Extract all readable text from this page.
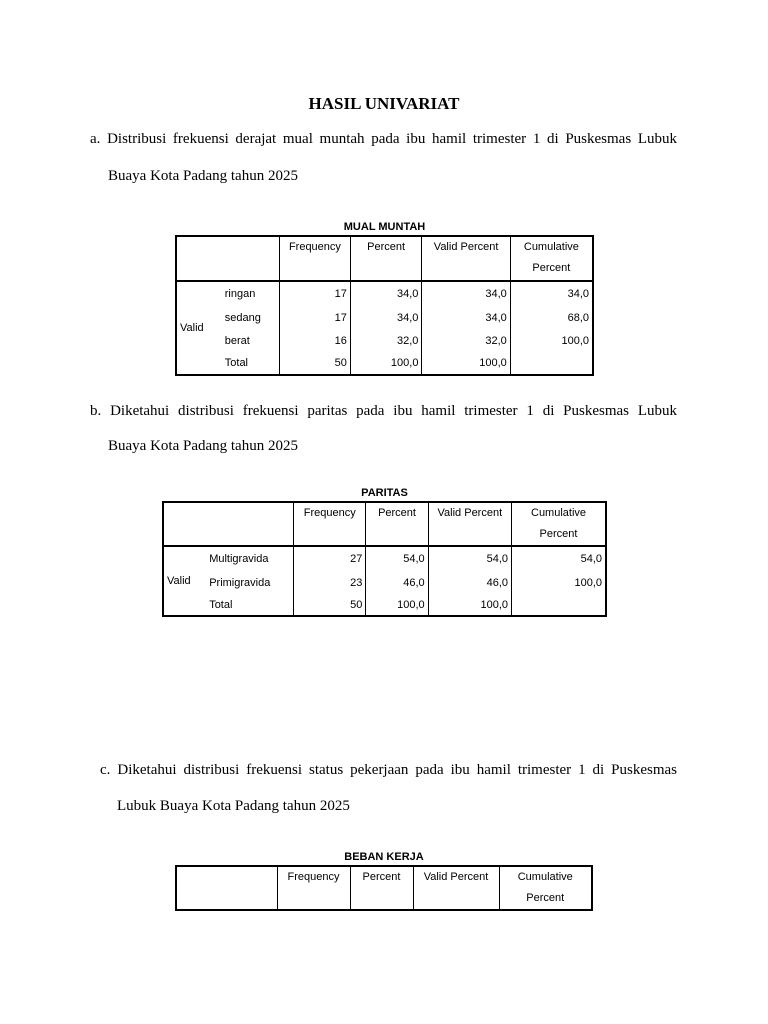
HASIL UNIVARIAT
a. Distribusi frekuensi derajat mual muntah pada ibu hamil trimester 1 di Puskesmas Lubuk
Buaya Kota Padang tahun 2025
MUAL MUNTAH
		Frequency	Percent	Valid Percent	Cumulative
					Percent
Valid	ringan	17	34,0	34,0	34,0
	sedang	17	34,0	34,0	68,0
	berat	16	32,0	32,0	100,0
	Total	50	100,0	100,0	
b. Diketahui distribusi frekuensi paritas pada ibu hamil trimester 1 di Puskesmas Lubuk
Buaya Kota Padang tahun 2025
PARITAS
		Frequency	Percent	Valid Percent	Cumulative
					Percent
Valid	Multigravida	27	54,0	54,0	54,0
	Primigravida	23	46,0	46,0	100,0
	Total	50	100,0	100,0	
c. Diketahui distribusi frekuensi status pekerjaan pada ibu hamil trimester 1 di Puskesmas
Lubuk Buaya Kota Padang tahun 2025
BEBAN KERJA
	Frequency	Percent	Valid Percent	Cumulative
				Percent
